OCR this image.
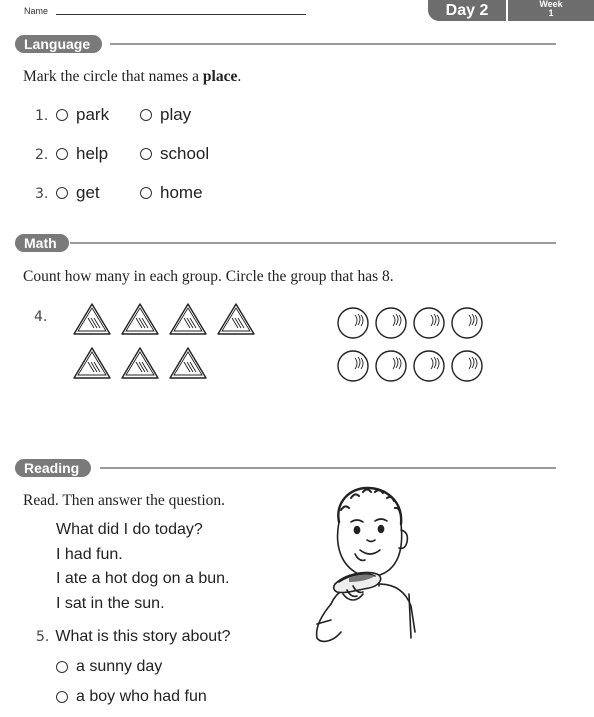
Name	Day 2	Week
1
Language
Mark the circle that names a place.
1. park	play
2. help	school
3. get	home
Math
Count how many in each group. Circle the group that has 8.
4.
Reading
Read. Then answer the question.
What did I do today?
I had fun.
I ate a hot dog on a bun.
I sat in the sun.
5. What is this story about?
a sunny day
a boy who had fun
